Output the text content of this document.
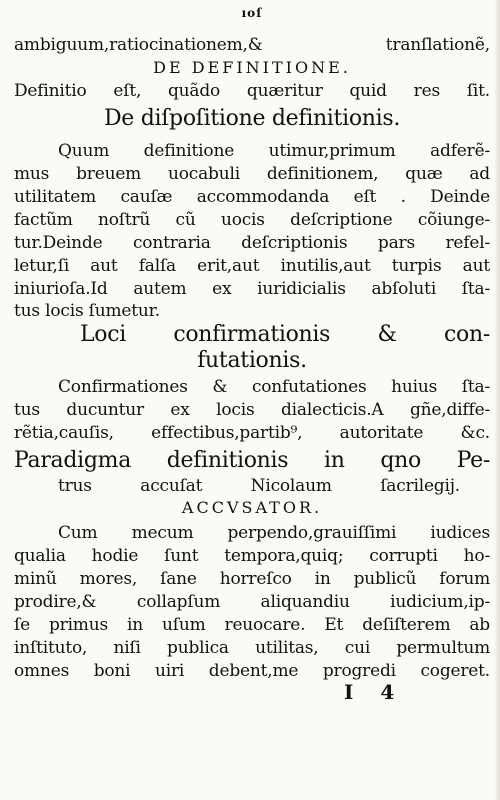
ıoſ
ambiguum,ratiocinationem,& tranſlationẽ,
DE DEFINITIONE.
Definitio eſt, quãdo quæritur quid res ſit.
De diſpoſitione definitionis.
Quum definitione utimur,primum adferẽ-
mus breuem uocabuli definitionem, quæ ad
utilitatem cauſæ accommodanda eſt . Deinde
factũm noſtrũ cũ uocis deſcriptione cõiunge-
tur.Deinde contraria deſcriptionis pars refel-
letur,ſi aut falſa erit,aut inutilis,aut turpis aut
iniurioſa.Id autem ex iuridicialis abſoluti ſta-
tus locis ſumetur.
Loci confirmationis & con-
futationis.
Confirmationes & confutationes huius ſta-
tus ducuntur ex locis dialecticis.A gñe,diffe-
rẽtia,cauſis, effectibus,partib⁹, autoritate &c.
Paradigma definitionis in qno Pe-
trus accuſat Nicolaum ſacrilegij.
ACCVSATOR.
Cum mecum perpendo,grauiſſimi iudices
qualia hodie ſunt tempora,quiq; corrupti ho-
minũ mores, ſane horreſco in publicũ forum
prodire,& collapſum aliquandiu iudicium,ip-
ſe primus in uſum reuocare. Et deſiſterem ab
inſtituto, niſi publica utilitas, cui permultum
omnes boni uiri debent,me progredi cogeret.
I 4
